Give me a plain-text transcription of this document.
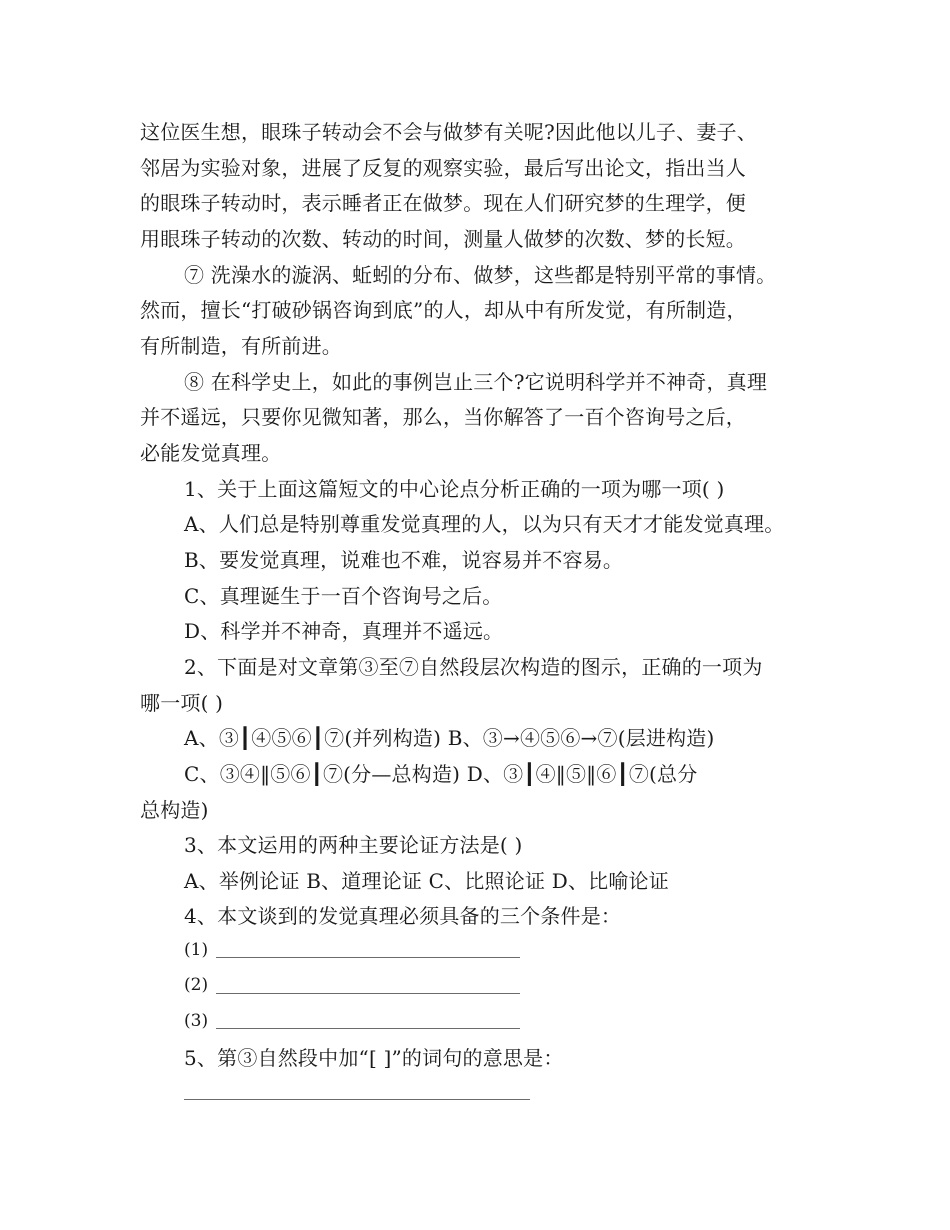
这位医生想，眼珠子转动会不会与做梦有关呢?因此他以儿子、妻子、
邻居为实验对象，进展了反复的观察实验，最后写出论文，指出当人
的眼珠子转动时，表示睡者正在做梦。现在人们研究梦的生理学，便
用眼珠子转动的次数、转动的时间，测量人做梦的次数、梦的长短。
⑦ 洗澡水的漩涡、蚯蚓的分布、做梦，这些都是特别平常的事情。
然而，擅长“打破砂锅咨询到底”的人，却从中有所发觉，有所制造，
有所制造，有所前进。
⑧ 在科学史上，如此的事例岂止三个?它说明科学并不神奇，真理
并不遥远，只要你见微知著，那么，当你解答了一百个咨询号之后，
必能发觉真理。
1、关于上面这篇短文的中心论点分析正确的一项为哪一项( )
A、人们总是特别尊重发觉真理的人，以为只有天才才能发觉真理。
B、要发觉真理，说难也不难，说容易并不容易。
C、真理诞生于一百个咨询号之后。
D、科学并不神奇，真理并不遥远。
2、下面是对文章第③至⑦自然段层次构造的图示，正确的一项为
哪一项( )
A、③┃④⑤⑥┃⑦(并列构造) B、③→④⑤⑥→⑦(层进构造)
C、③④‖⑤⑥┃⑦(分—总构造) D、③┃④‖⑤‖⑥┃⑦(总分
总构造)
3、本文运用的两种主要论证方法是( )
A、举例论证 B、道理论证 C、比照论证 D、比喻论证
4、本文谈到的发觉真理必须具备的三个条件是：
(1)
(2)
(3)
5、第③自然段中加“[ ]”的词句的意思是：
